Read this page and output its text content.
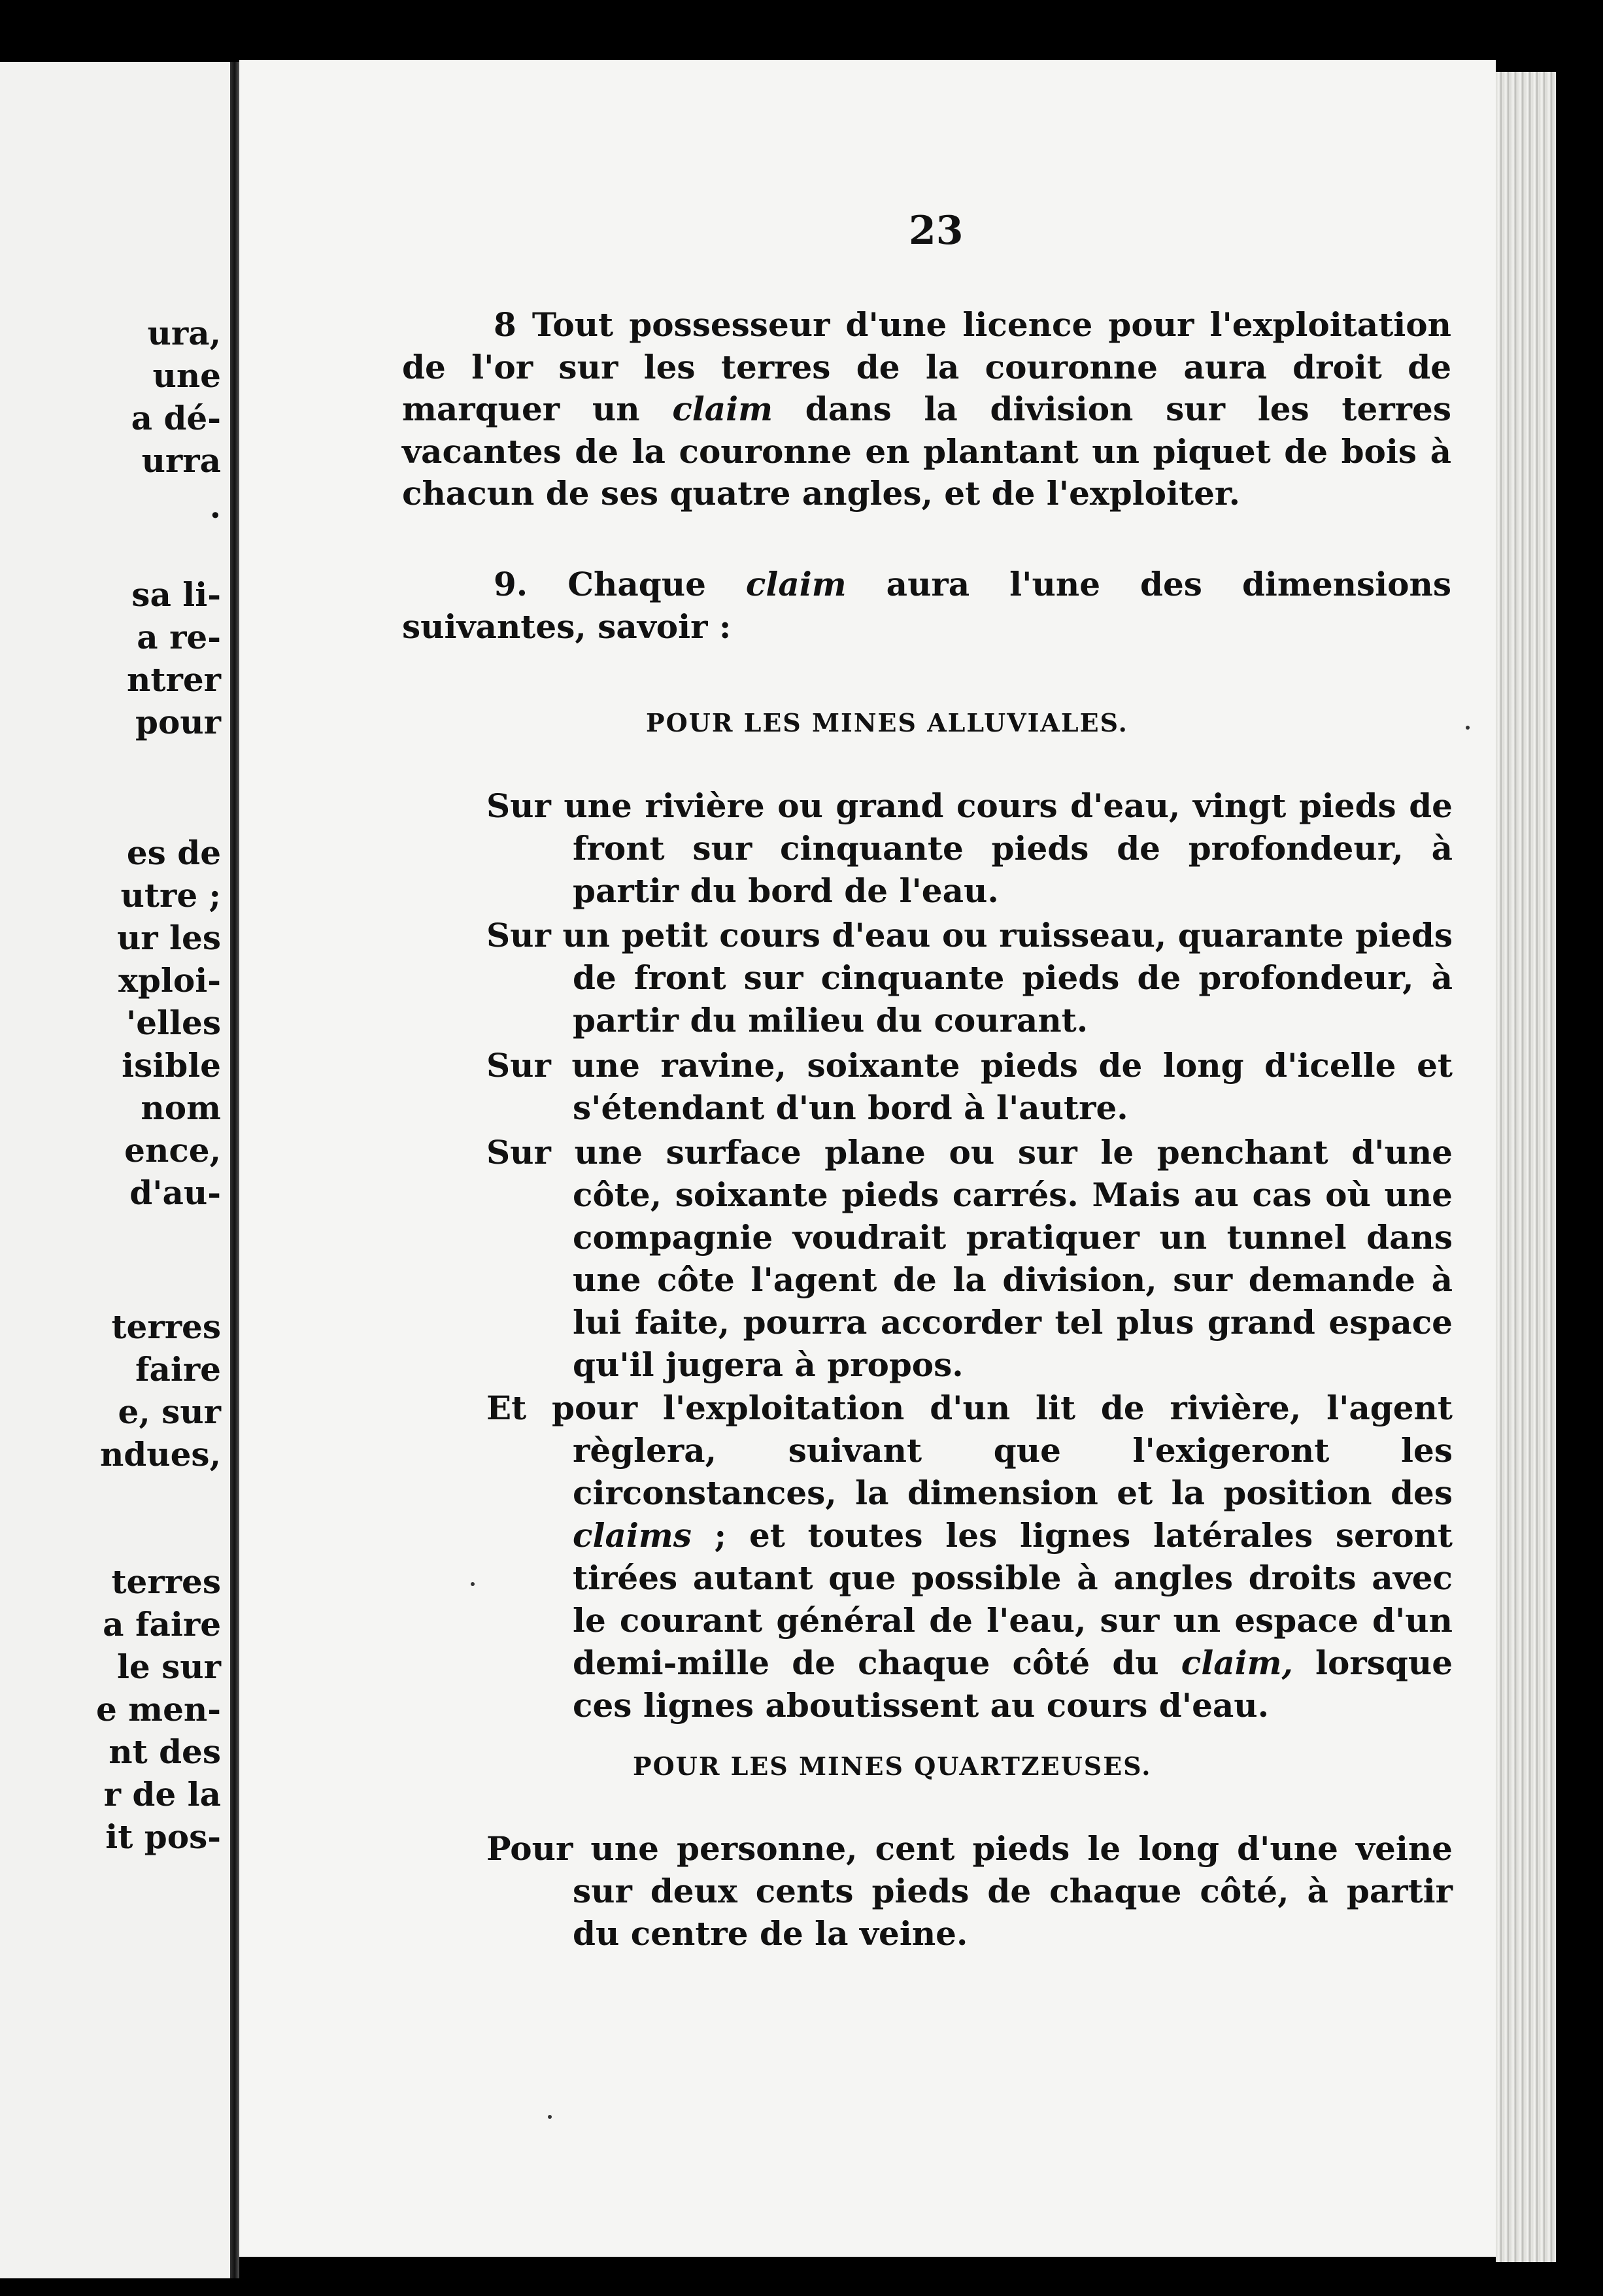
ura,
une
a dé-
urra
.
sa li-
a re-
ntrer
pour
es de
utre ;
ur les
xploi-
'elles
isible
nom
ence,
d'au-
terres
faire
e, sur
ndues,
terres
a faire
le sur
e men-
nt des
r de la
it pos-
23

8 Tout possesseur d'une licence pour l'exploitation de l'or sur les terres de la couronne aura droit de marquer un claim dans la division sur les terres vacantes de la couronne en plantant un piquet de bois à chacun de ses quatre angles, et de l'exploiter.

9. Chaque claim aura l'une des dimensions suivantes, savoir :

POUR LES MINES ALLUVIALES.

Sur une rivière ou grand cours d'eau, vingt pieds de front sur cinquante pieds de profondeur, à partir du bord de l'eau.

Sur un petit cours d'eau ou ruisseau, quarante pieds de front sur cinquante pieds de profondeur, à partir du milieu du courant.

Sur une ravine, soixante pieds de long d'icelle et s'étendant d'un bord à l'autre.

Sur une surface plane ou sur le penchant d'une côte, soixante pieds carrés. Mais au cas où une compagnie voudrait pratiquer un tunnel dans une côte l'agent de la division, sur demande à lui faite, pourra accorder tel plus grand espace qu'il jugera à propos.

Et pour l'exploitation d'un lit de rivière, l'agent règlera, suivant que l'exigeront les circonstances, la dimension et la position des claims ; et toutes les lignes latérales seront tirées autant que possible à angles droits avec le courant général de l'eau, sur un espace d'un demi-mille de chaque côté du claim, lorsque ces lignes aboutissent au cours d'eau.

POUR LES MINES QUARTZEUSES.

Pour une personne, cent pieds le long d'une veine sur deux cents pieds de chaque côté, à partir du centre de la veine.
